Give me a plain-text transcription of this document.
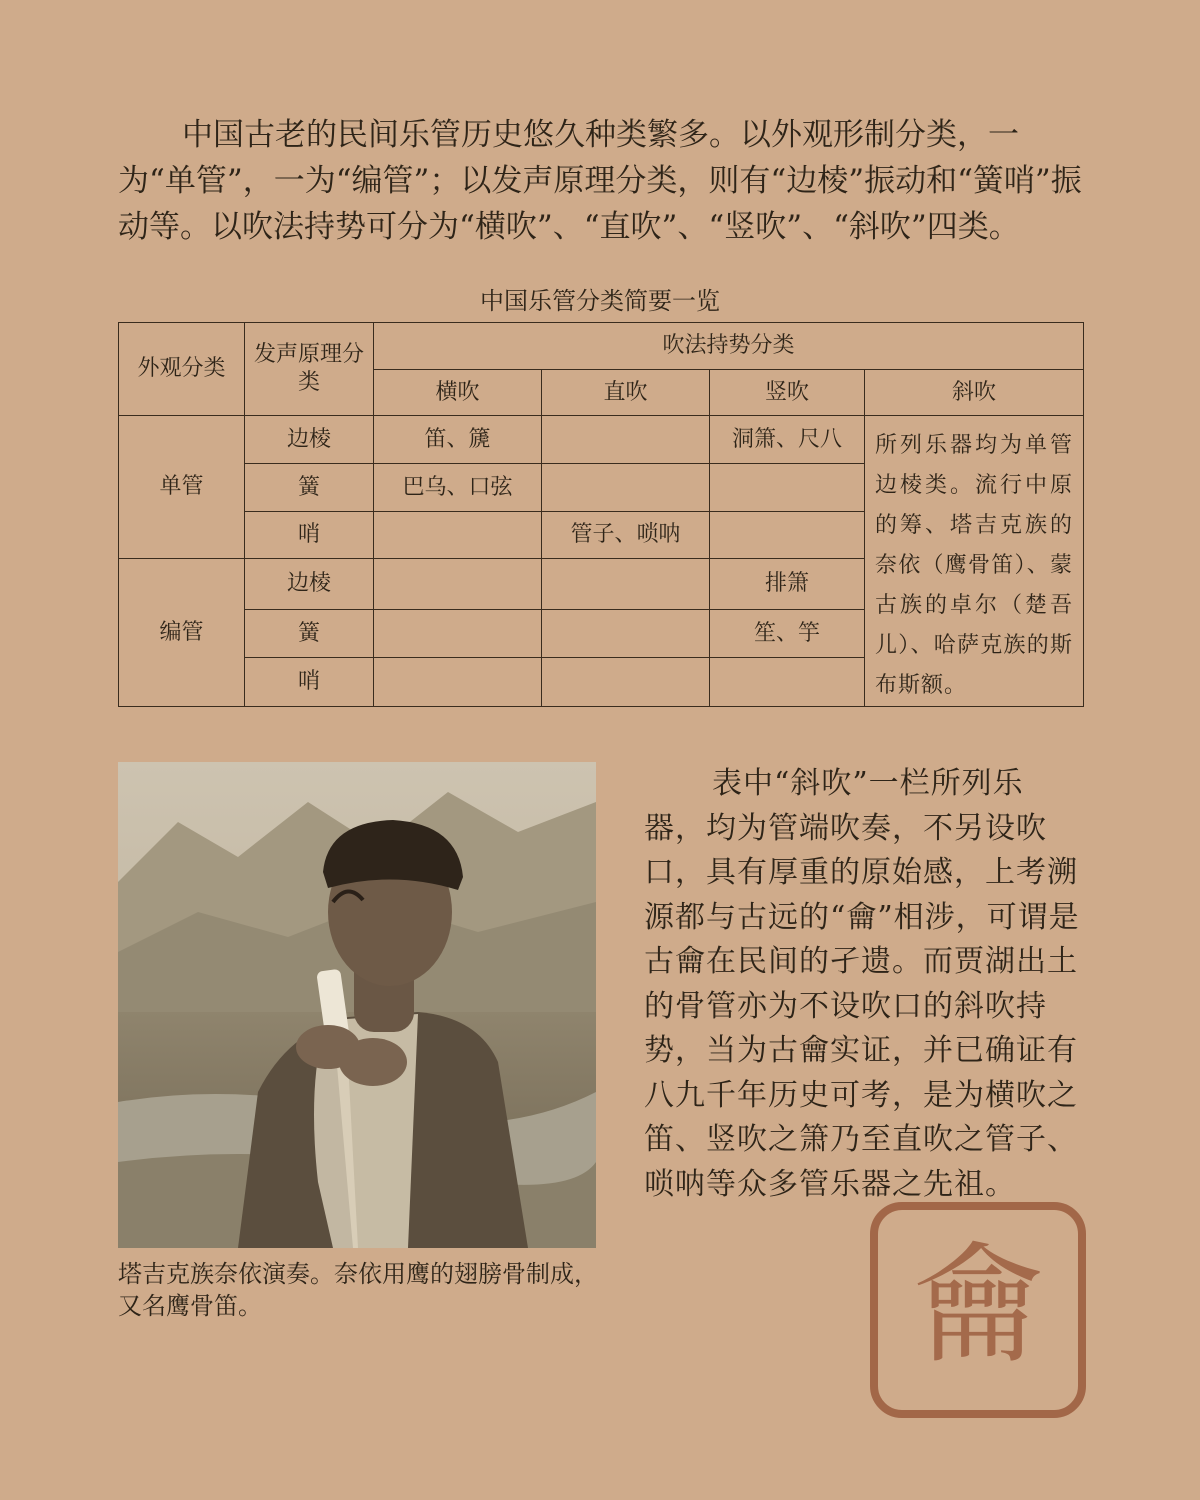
中国古老的民间乐管历史悠久种类繁多。以外观形制分类，一为“单管”，一为“编管”；以发声原理分类，则有“边棱”振动和“簧哨”振动等。以吹法持势可分为“横吹”、“直吹”、“竖吹”、“斜吹”四类。

中国乐管分类简要一览
外观分类	发声原理分类	吹法持势分类			
		横吹	直吹	竖吹	斜吹
单管	边棱	笛、篪		洞箫、尺八	所列乐器均为单管边棱类。流行中原的筹、塔吉克族的奈依（鹰骨笛）、蒙古族的卓尔（楚吾儿）、哈萨克族的斯布斯额。
	簧	巴乌、口弦			
	哨		管子、唢呐		
编管	边棱			排箫	
	簧			笙、竽	
	哨				

塔吉克族奈依演奏。奈依用鹰的翅膀骨制成，又名鹰骨笛。

表中“斜吹”一栏所列乐器，均为管端吹奏，不另设吹口，具有厚重的原始感，上考溯源都与古远的“龠”相涉，可谓是古龠在民间的孑遗。而贾湖出土的骨管亦为不设吹口的斜吹持势，当为古龠实证，并已确证有八九千年历史可考，是为横吹之笛、竖吹之箫乃至直吹之管子、唢呐等众多管乐器之先祖。

龠
